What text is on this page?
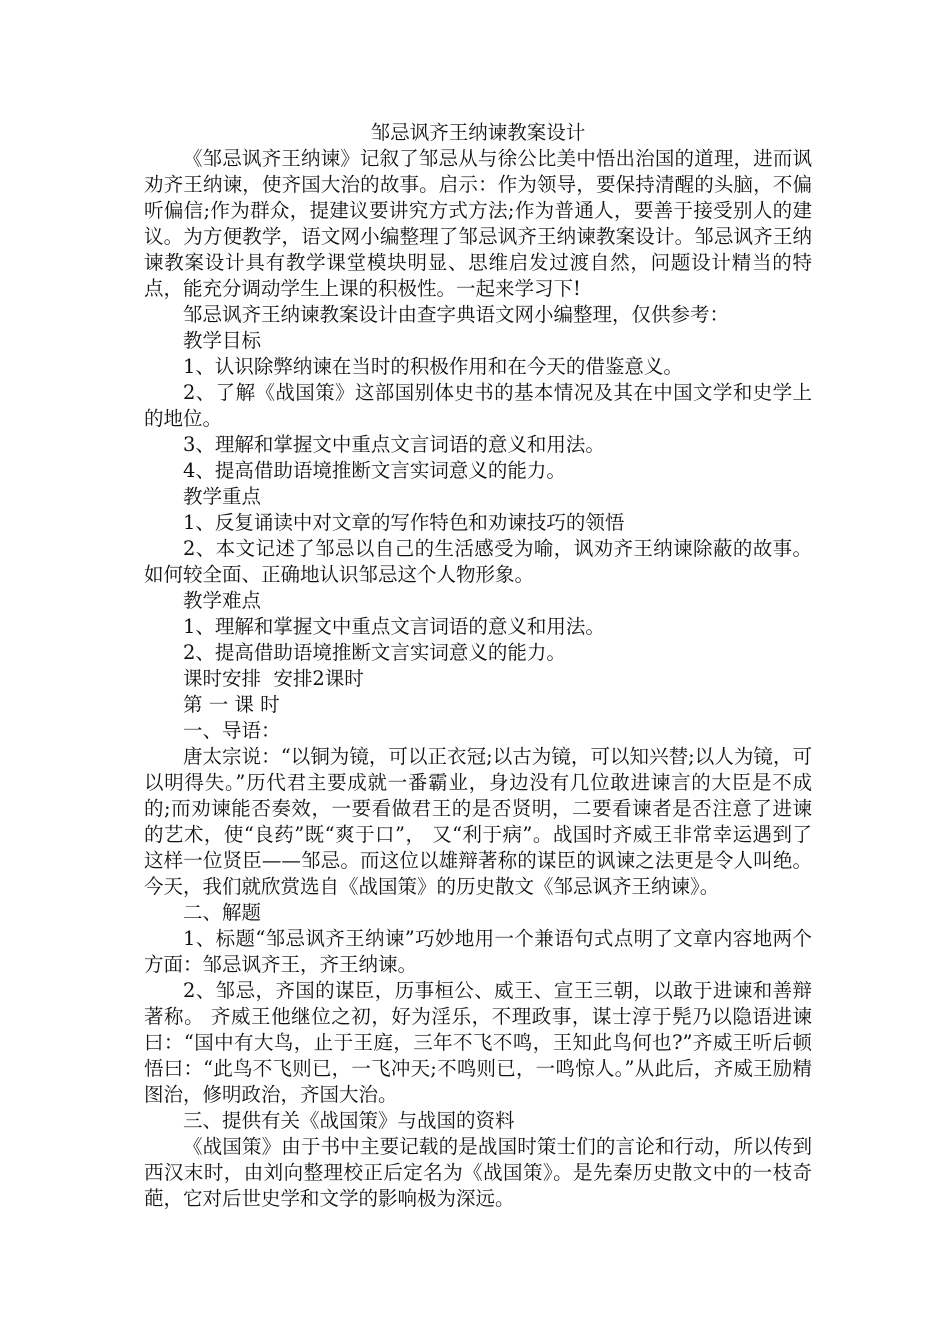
邹忌讽齐王纳谏教案设计

《邹忌讽齐王纳谏》记叙了邹忌从与徐公比美中悟出治国的道理，进而讽劝齐王纳谏，使齐国大治的故事。启示：作为领导，要保持清醒的头脑，不偏听偏信;作为群众，提建议要讲究方式方法;作为普通人，要善于接受别人的建议。为方便教学，语文网小编整理了邹忌讽齐王纳谏教案设计。邹忌讽齐王纳谏教案设计具有教学课堂模块明显、思维启发过渡自然，问题设计精当的特点，能充分调动学生上课的积极性。一起来学习下!

邹忌讽齐王纳谏教案设计由查字典语文网小编整理，仅供参考：

教学目标

1、认识除弊纳谏在当时的积极作用和在今天的借鉴意义。

2、了解《战国策》这部国别体史书的基本情况及其在中国文学和史学上的地位。

3、理解和掌握文中重点文言词语的意义和用法。

4、提高借助语境推断文言实词意义的能力。

教学重点

1、反复诵读中对文章的写作特色和劝谏技巧的领悟

2、本文记述了邹忌以自己的生活感受为喻，讽劝齐王纳谏除蔽的故事。如何较全面、正确地认识邹忌这个人物形象。

教学难点

1、理解和掌握文中重点文言词语的意义和用法。

2、提高借助语境推断文言实词意义的能力。

课时安排  安排2课时

第 一 课 时

一、导语：

唐太宗说：“以铜为镜，可以正衣冠;以古为镜，可以知兴替;以人为镜，可以明得失。”历代君主要成就一番霸业，身边没有几位敢进谏言的大臣是不成的;而劝谏能否奏效，一要看做君王的是否贤明，二要看谏者是否注意了进谏的艺术，使“良药”既“爽于口”， 又“利于病”。战国时齐威王非常幸运遇到了这样一位贤臣——邹忌。而这位以雄辩著称的谋臣的讽谏之法更是令人叫绝。今天，我们就欣赏选自《战国策》的历史散文《邹忌讽齐王纳谏》。

二、解题

1、标题“邹忌讽齐王纳谏”巧妙地用一个兼语句式点明了文章内容地两个方面：邹忌讽齐王，齐王纳谏。

2、邹忌，齐国的谋臣，历事桓公、威王、宣王三朝，以敢于进谏和善辩著称。 齐威王他继位之初，好为淫乐，不理政事，谋士淳于髡乃以隐语进谏曰：“国中有大鸟，止于王庭，三年不飞不鸣，王知此鸟何也?”齐威王听后顿悟曰：“此鸟不飞则已，一飞冲天;不鸣则已，一鸣惊人。”从此后，齐威王励精图治，修明政治，齐国大治。

三、提供有关《战国策》与战国的资料

《战国策》由于书中主要记载的是战国时策士们的言论和行动，所以传到西汉末时，由刘向整理校正后定名为《战国策》。是先秦历史散文中的一枝奇葩，它对后世史学和文学的影响极为深远。
